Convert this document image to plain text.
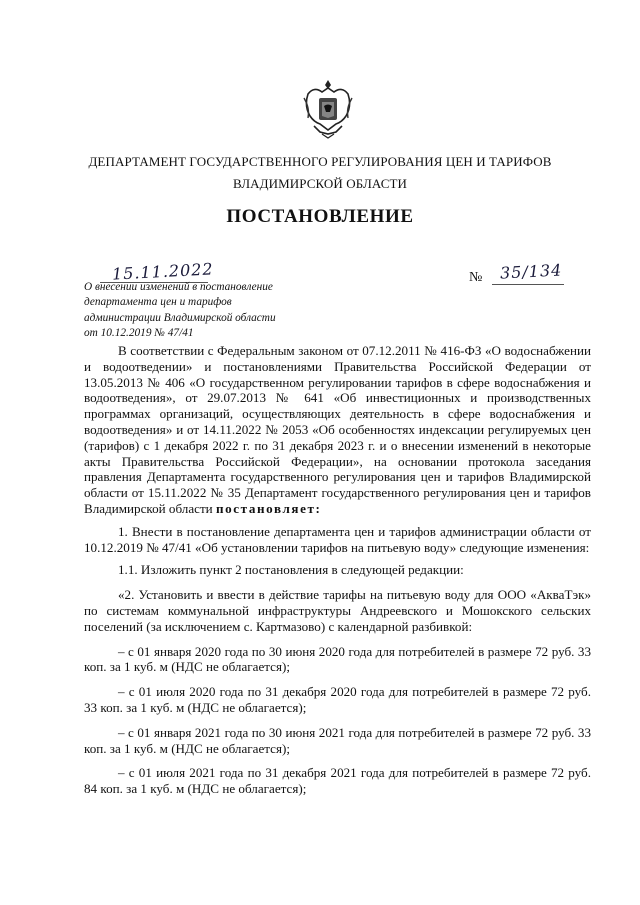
ДЕПАРТАМЕНТ ГОСУДАРСТВЕННОГО РЕГУЛИРОВАНИЯ ЦЕН И ТАРИФОВ
ВЛАДИМИРСКОЙ ОБЛАСТИ
ПОСТАНОВЛЕНИЕ
15.11.2022	№ 35/134
О внесении изменений в постановление
департамента цен и тарифов
администрации Владимирской области
от 10.12.2019 № 47/41

В соответствии с Федеральным законом от 07.12.2011 № 416-ФЗ «О водоснабжении и водоотведении» и постановлениями Правительства Российской Федерации от 13.05.2013 № 406 «О государственном регулировании тарифов в сфере водоснабжения и водоотведения», от 29.07.2013 № 641 «Об инвестиционных и производственных программах организаций, осуществляющих деятельность в сфере водоснабжения и водоотведения» и от 14.11.2022 № 2053 «Об особенностях индексации регулируемых цен (тарифов) с 1 декабря 2022 г. по 31 декабря 2023 г. и о внесении изменений в некоторые акты Правительства Российской Федерации», на основании протокола заседания правления Департамента государственного регулирования цен и тарифов Владимирской области от 15.11.2022 № 35 Департамент государственного регулирования цен и тарифов Владимирской области постановляет:

1. Внести в постановление департамента цен и тарифов администрации области от 10.12.2019 № 47/41 «Об установлении тарифов на питьевую воду» следующие изменения:

1.1. Изложить пункт 2 постановления в следующей редакции:

«2. Установить и ввести в действие тарифы на питьевую воду для ООО «АкваТэк» по системам коммунальной инфраструктуры Андреевского и Мошокского сельских поселений (за исключением с. Картмазово) с календарной разбивкой:

– с 01 января 2020 года по 30 июня 2020 года для потребителей в размере 72 руб. 33 коп. за 1 куб. м (НДС не облагается);

– с 01 июля 2020 года по 31 декабря 2020 года для потребителей в размере 72 руб. 33 коп. за 1 куб. м (НДС не облагается);

– с 01 января 2021 года по 30 июня 2021 года для потребителей в размере 72 руб. 33 коп. за 1 куб. м (НДС не облагается);

– с 01 июля 2021 года по 31 декабря 2021 года для потребителей в размере 72 руб. 84 коп. за 1 куб. м (НДС не облагается);
